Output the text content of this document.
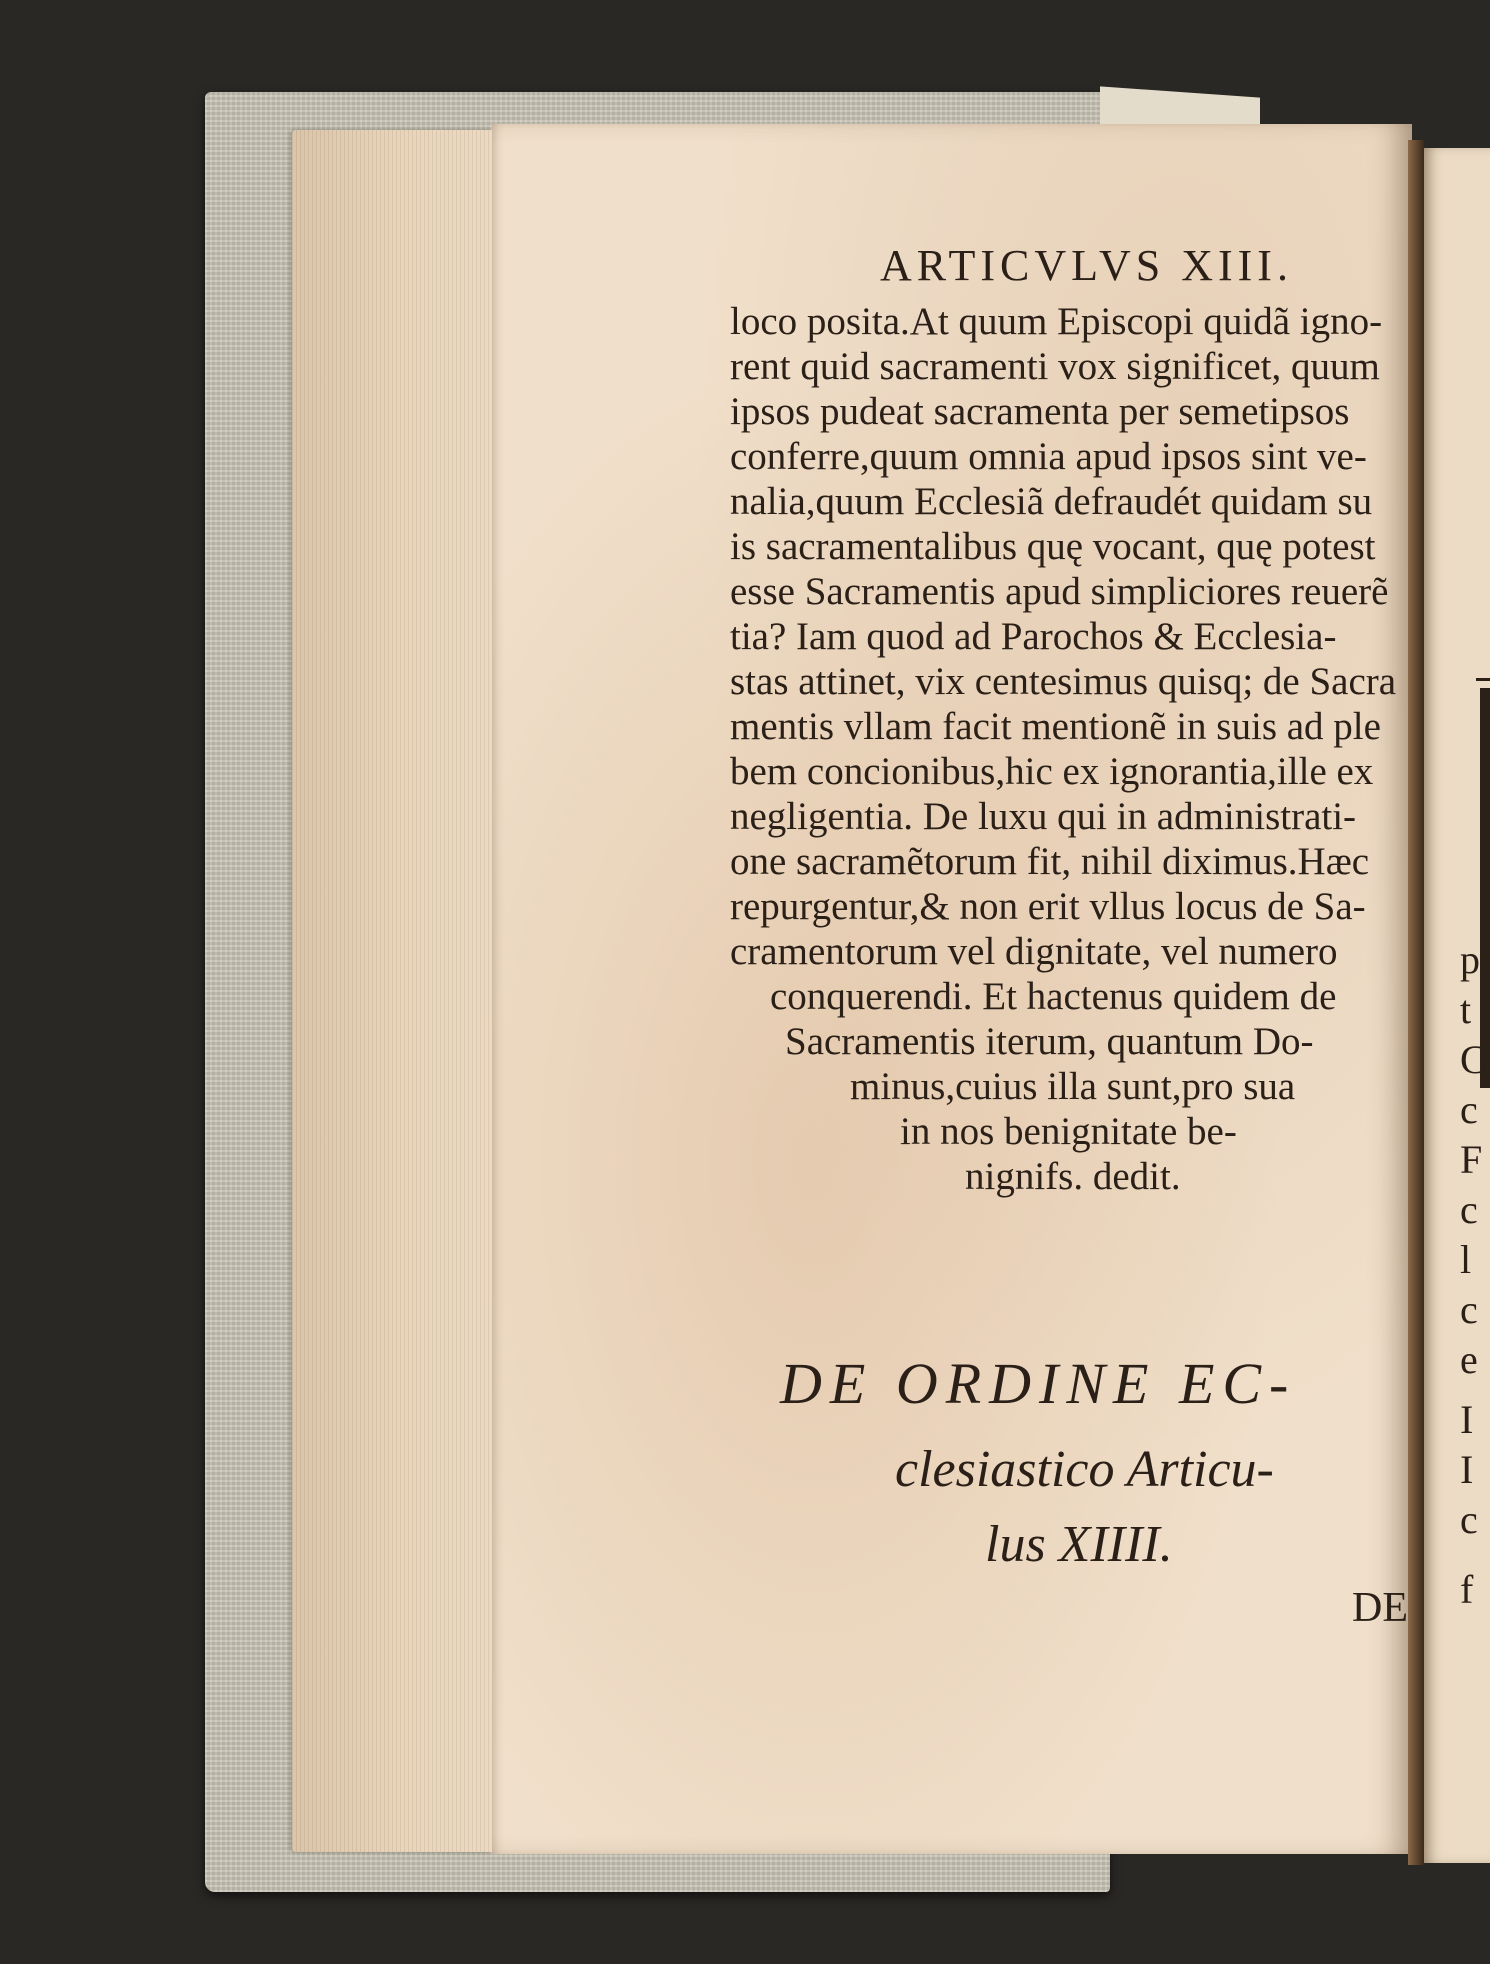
p

t

C

c

F

c

l

c

e

I

I

c

f

ARTICVLVS XIII.

loco posita.At quum Episcopi quidã igno-

rent quid sacramenti vox significet, quum

ipsos pudeat sacramenta per semetipsos

conferre,quum omnia apud ipsos sint ve-

nalia,quum Ecclesiã defraudét quidam su

is sacramentalibus quę vocant, quę potest

esse Sacramentis apud simpliciores reuerẽ

tia? Iam quod ad Parochos & Ecclesia-

stas attinet, vix centesimus quisq; de Sacra

mentis vllam facit mentionẽ in suis ad ple

bem concionibus,hic ex ignorantia,ille ex

negligentia. De luxu qui in administrati-

one sacramẽtorum fit, nihil diximus.Hæc

repurgentur,& non erit vllus locus de Sa-

cramentorum vel dignitate, vel numero

conquerendi. Et hactenus quidem de

Sacramentis iterum, quantum Do-

minus,cuius illa sunt,pro sua

in nos benignitate be-

nignifs. dedit.

DE ORDINE EC-

clesiastico Articu-

lus XIIII.

DE
